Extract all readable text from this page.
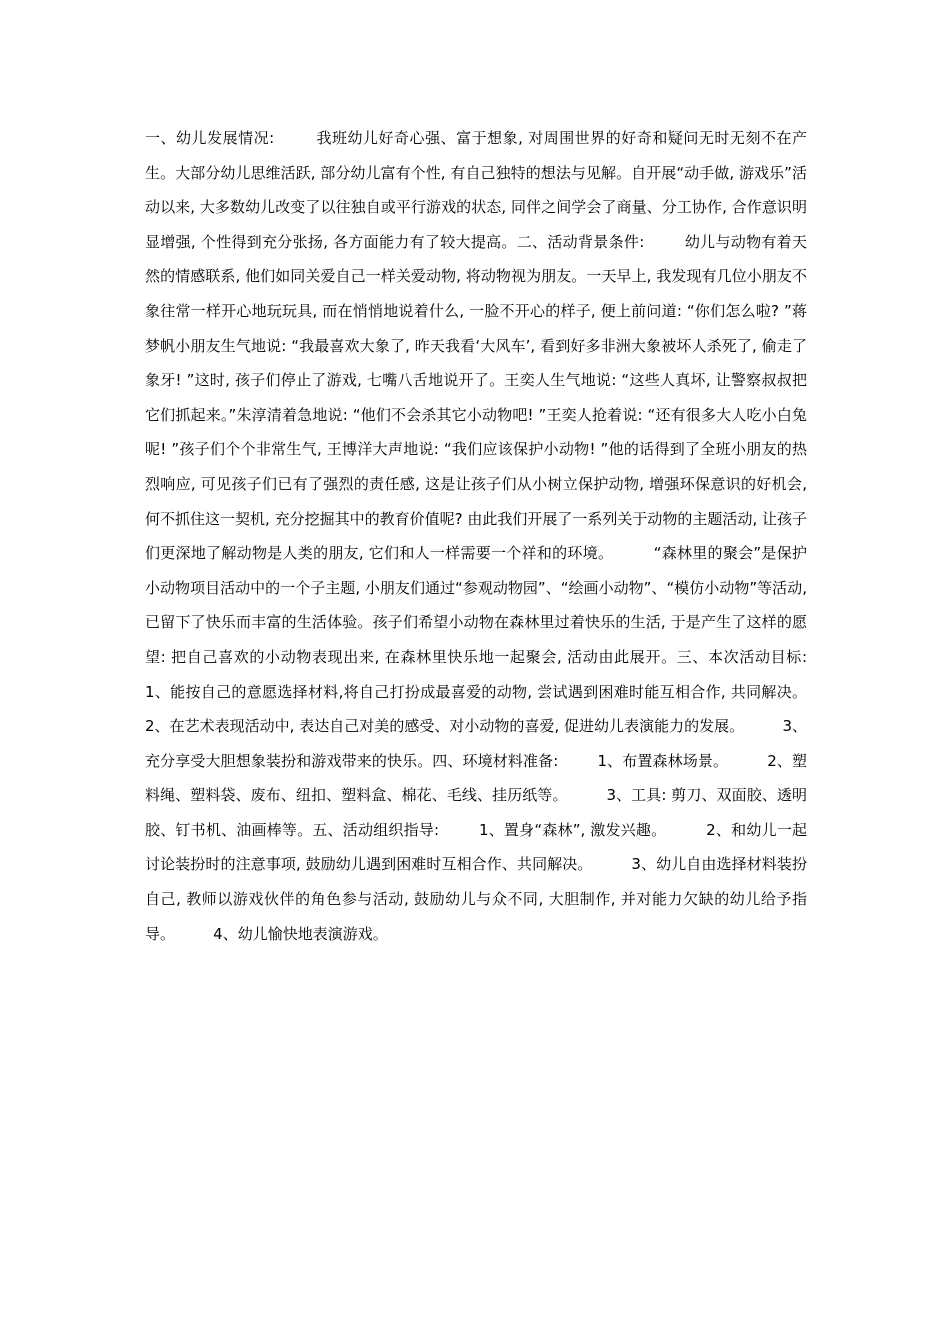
一、幼儿发展情况:        我班幼儿好奇心强、富于想象, 对周围世界的好奇和疑问无时无刻不在产生。大部分幼儿思维活跃, 部分幼儿富有个性, 有自己独特的想法与见解。自开展“动手做, 游戏乐”活动以来, 大多数幼儿改变了以往独自或平行游戏的状态, 同伴之间学会了商量、分工协作, 合作意识明显增强, 个性得到充分张扬, 各方面能力有了较大提高。二、活动背景条件:        幼儿与动物有着天然的情感联系, 他们如同关爱自己一样关爱动物, 将动物视为朋友。一天早上, 我发现有几位小朋友不象往常一样开心地玩玩具, 而在悄悄地说着什么, 一脸不开心的样子, 便上前问道: “你们怎么啦? ”蒋梦帆小朋友生气地说: “我最喜欢大象了, 昨天我看‘大风车’, 看到好多非洲大象被坏人杀死了, 偷走了象牙! ”这时, 孩子们停止了游戏, 七嘴八舌地说开了。王奕人生气地说: “这些人真坏, 让警察叔叔把它们抓起来。”朱淳清着急地说: “他们不会杀其它小动物吧! ”王奕人抢着说: “还有很多大人吃小白兔呢! ”孩子们个个非常生气, 王博洋大声地说: “我们应该保护小动物! ”他的话得到了全班小朋友的热烈响应, 可见孩子们已有了强烈的责任感, 这是让孩子们从小树立保护动物, 增强环保意识的好机会, 何不抓住这一契机, 充分挖掘其中的教育价值呢? 由此我们开展了一系列关于动物的主题活动, 让孩子们更深地了解动物是人类的朋友, 它们和人一样需要一个祥和的环境。        “森林里的聚会”是保护小动物项目活动中的一个子主题, 小朋友们通过“参观动物园”、“绘画小动物”、“模仿小动物”等活动, 已留下了快乐而丰富的生活体验。孩子们希望小动物在森林里过着快乐的生活, 于是产生了这样的愿望: 把自己喜欢的小动物表现出来, 在森林里快乐地一起聚会, 活动由此展开。三、本次活动目标: 1、能按自己的意愿选择材料,将自己打扮成最喜爱的动物, 尝试遇到困难时能互相合作, 共同解决。        2、在艺术表现活动中, 表达自己对美的感受、对小动物的喜爱, 促进幼儿表演能力的发展。        3、充分享受大胆想象装扮和游戏带来的快乐。四、环境材料准备:        1、布置森林场景。        2、塑料绳、塑料袋、废布、纽扣、塑料盒、棉花、毛线、挂历纸等。        3、工具: 剪刀、双面胶、透明胶、钉书机、油画棒等。五、活动组织指导:        1、置身“森林”, 激发兴趣。        2、和幼儿一起讨论装扮时的注意事项, 鼓励幼儿遇到困难时互相合作、共同解决。        3、幼儿自由选择材料装扮自己, 教师以游戏伙伴的角色参与活动, 鼓励幼儿与众不同, 大胆制作, 并对能力欠缺的幼儿给予指导。        4、幼儿愉快地表演游戏。
